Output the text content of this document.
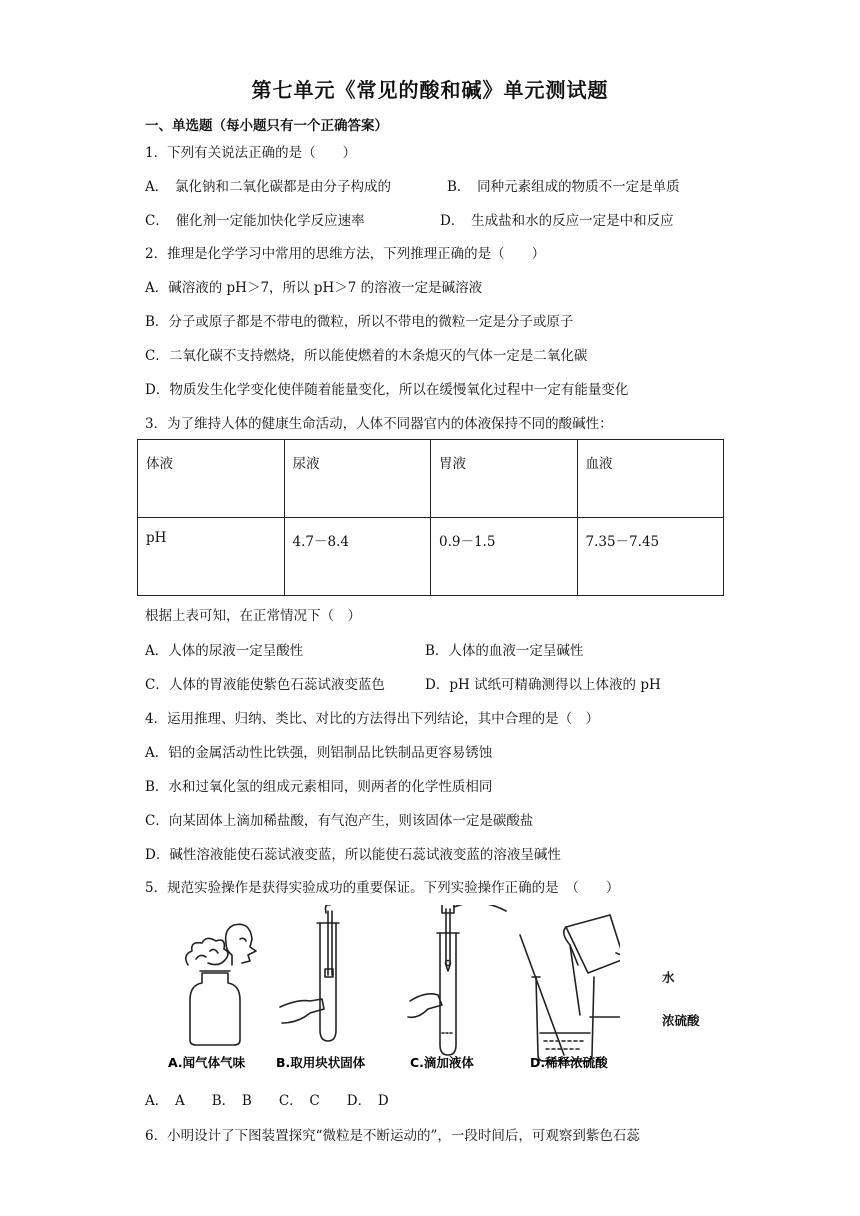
第七单元《常见的酸和碱》单元测试题
一、单选题（每小题只有一个正确答案）
1．下列有关说法正确的是（　　）
A．　氯化钠和二氧化碳都是由分子构成的	B．　同种元素组成的物质不一定是单质
C．　催化剂一定能加快化学反应速率	D．　生成盐和水的反应一定是中和反应
2．推理是化学学习中常用的思维方法，下列推理正确的是（　　）
A．碱溶液的 pH＞7，所以 pH＞7 的溶液一定是碱溶液
B．分子或原子都是不带电的微粒，所以不带电的微粒一定是分子或原子
C．二氧化碳不支持燃烧，所以能使燃着的木条熄灭的气体一定是二氧化碳
D．物质发生化学变化使伴随着能量变化，所以在缓慢氧化过程中一定有能量变化
3．为了维持人体的健康生命活动，人体不同器官内的体液保持不同的酸碱性：
体液	尿液	胃液	血液
pH	4.7－8.4	0.9－1.5	7.35－7.45
根据上表可知，在正常情况下（　）
A．人体的尿液一定呈酸性	B．人体的血液一定呈碱性
C．人体的胃液能使紫色石蕊试液变蓝色	D．pH 试纸可精确测得以上体液的 pH
4．运用推理、归纳、类比、对比的方法得出下列结论，其中合理的是（　）
A．铝的金属活动性比铁强，则铝制品比铁制品更容易锈蚀
B．水和过氧化氢的组成元素相同，则两者的化学性质相同
C．向某固体上滴加稀盐酸，有气泡产生，则该固体一定是碳酸盐
D．碱性溶液能使石蕊试液变蓝，所以能使石蕊试液变蓝的溶液呈碱性
5．规范实验操作是获得实验成功的重要保证。下列实验操作正确的是　（　　）
A.闻气体气味 B.取用块状固体	C.滴加液体	D.稀释浓硫酸
水
浓硫酸
A．　A　　B．　B　　C．　C　　D．　D
6．小明设计了下图装置探究“微粒是不断运动的”，一段时间后，可观察到紫色石蕊
